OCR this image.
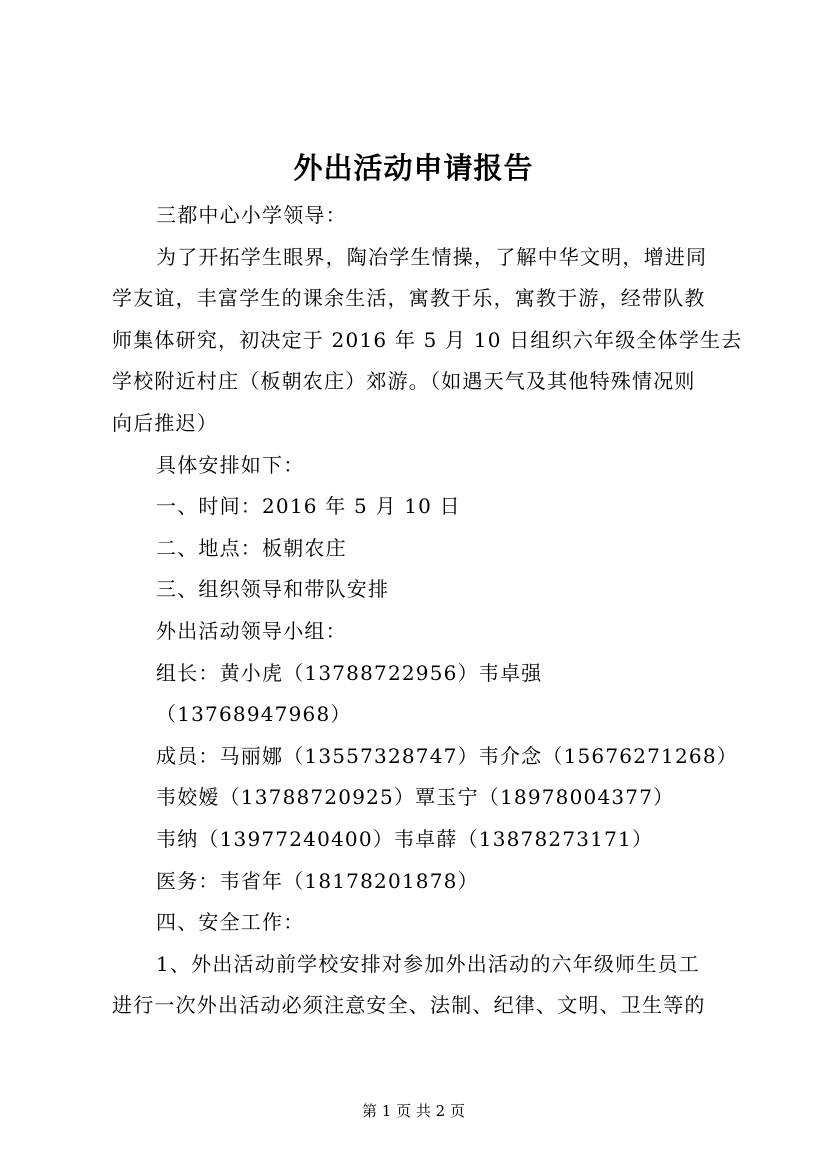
外出活动申请报告
三都中心小学领导：
为了开拓学生眼界，陶冶学生情操，了解中华文明，增进同
学友谊，丰富学生的课余生活，寓教于乐，寓教于游，经带队教
师集体研究，初决定于 2016 年 5 月 10 日组织六年级全体学生去
学校附近村庄（板朝农庄）郊游。（如遇天气及其他特殊情况则
向后推迟）
具体安排如下：
一、时间：2016 年 5 月 10 日
二、地点：板朝农庄
三、组织领导和带队安排
外出活动领导小组：
组长：黄小虎（13788722956）韦卓强
（13768947968）
成员：马丽娜（13557328747）韦介念（15676271268）
韦姣嫒（13788720925）覃玉宁（18978004377）
韦纳（13977240400）韦卓薛（13878273171）
医务：韦省年（18178201878）
四、安全工作：
1、外出活动前学校安排对参加外出活动的六年级师生员工
进行一次外出活动必须注意安全、法制、纪律、文明、卫生等的
第 1 页 共 2 页
